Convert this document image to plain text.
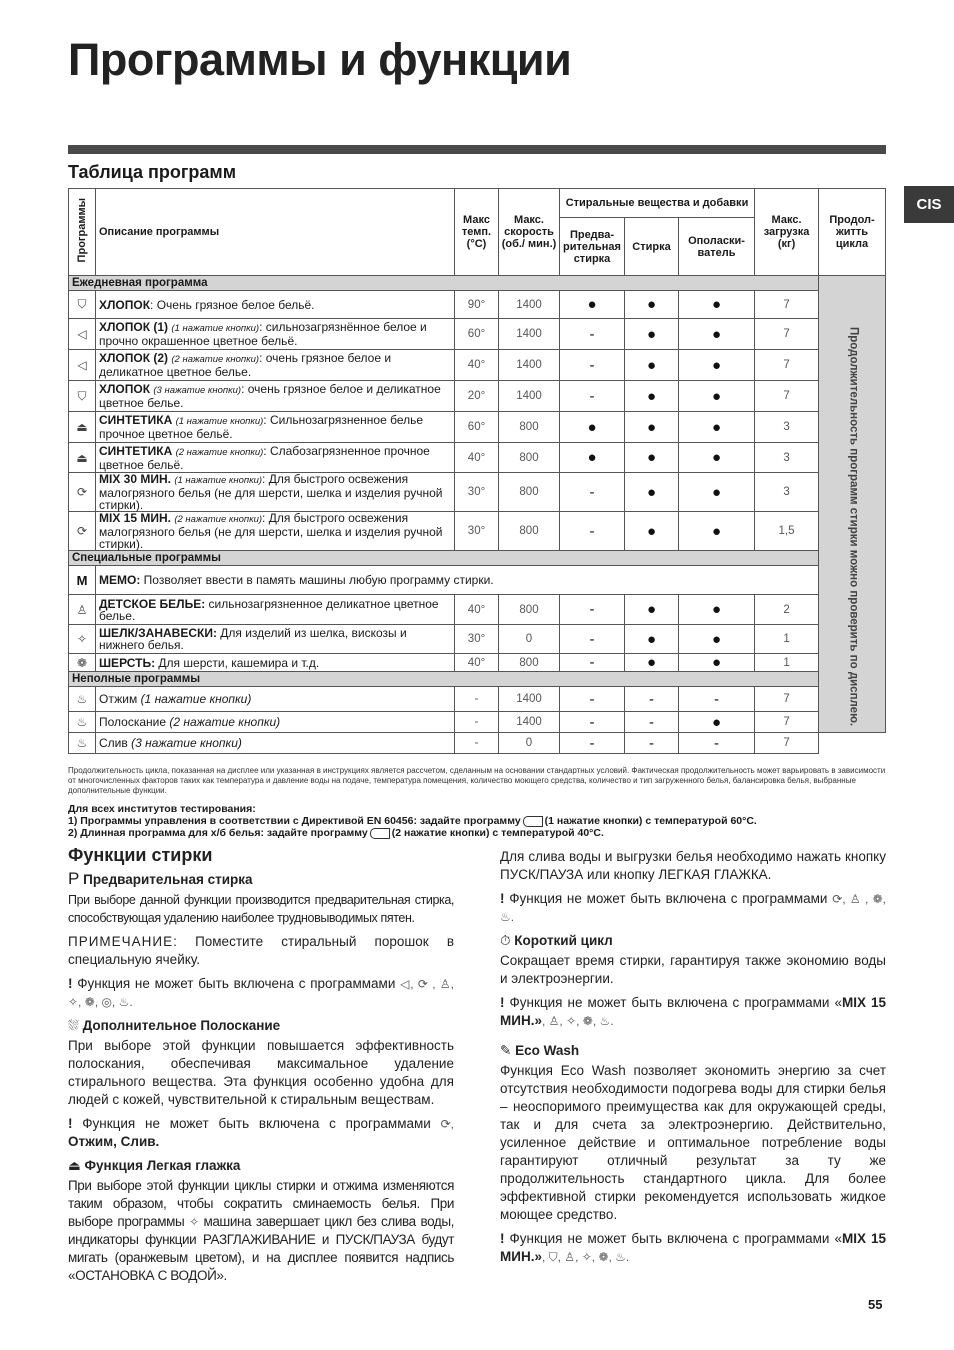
Программы и функции
CIS
Таблица программ
Программы	Описание программы	Макс темп. (°C)	Макс. скорость (об./ мин.)	Стиральные вещества и добавки			Макс. загрузка (кг)	Продол-житть цикла
				Предва-рительная стирка	Стирка	Ополаски-ватель		
Ежедневная программа								Продолжительность программ стирки можно проверить по дисплею.
⛉	ХЛОПОК: Очень грязное белое бельё.	90°	1400	●	●	●	7	
◁	ХЛОПОК (1) (1 нажатие кнопки): сильнозагрязнённое белое и прочно окрашенное цветное бельё.	60°	1400	-	●	●	7	
◁	ХЛОПОК (2) (2 нажатие кнопки): очень грязное белое и деликатное цветное белье.	40°	1400	-	●	●	7	
⛉	ХЛОПОК (3 нажатие кнопки): очень грязное белое и деликатное цветное белье.	20°	1400	-	●	●	7	
⏏	СИНТЕТИКА (1 нажатие кнопки): Сильнозагрязненное белье прочное цветное бельё.	60°	800	●	●	●	3	
⏏	СИНТЕТИКА (2 нажатие кнопки): Слабозагрязненное прочное цветное бельё.	40°	800	●	●	●	3	
⟳	MIX 30 МИН. (1 нажатие кнопки): Для быстрого освежения малогрязного белья (не для шерсти, шелка и изделия ручной стирки).	30°	800	-	●	●	3	
⟳	MIX 15 МИН. (2 нажатие кнопки): Для быстрого освежения малогрязного белья (не для шерсти, шелка и изделия ручной стирки).	30°	800	-	●	●	1,5	
Специальные программы								
M	МЕМО: Позволяет ввести в память машины любую программу стирки.							
♙	ДЕТСКОЕ БЕЛЬЕ: сильнозагрязненное деликатное цветное белье.	40°	800	-	●	●	2	
✧	ШЕЛК/ЗАНАВЕСКИ: Для изделий из шелка, вискозы и нижнего белья.	30°	0	-	●	●	1	
❁	ШЕРСТЬ: Для шерсти, кашемира и т.д.	40°	800	-	●	●	1	
Неполные программы								
♨	Отжим (1 нажатие кнопки)	-	1400	-	-	-	7	
♨	Полоскание (2 нажатие кнопки)	-	1400	-	-	●	7	
♨	Слив (3 нажатие кнопки)	-	0	-	-	-	7	
Продолжительность цикла, показанная на дисплее или указанная в инструкциях является рассчетом, сделанным на основании стандартных условий. Фактическая продолжительность может варьировать в зависимости от многочисленных факторов таких как температура и давление воды на подаче, температура помещения, количество моющего средства, количество и тип загруженного белья, балансировка белья, выбранные дополнительные функции.
Для всех институтов тестирования:
1) Программы управления в соответствии с Директивой EN 60456: задайте программу (1 нажатие кнопки) с температурой 60°С.
2) Длинная программа для х/б белья: задайте программу (2 нажатие кнопки) с температурой 40°С.
Функции стирки
P Предварительная стирка

При выборе данной функции производится предварительная стирка, способствующая удалению наиболее трудновыводимых пятен.

ПРИМЕЧАНИЕ: Поместите стиральный порошок в специальную ячейку.

! Функция не может быть включена с программами ◁, ⟳ , ♙, ✧, ❁, ◎, ♨.

⛆ Дополнительное Полоскание

При выборе этой функции повышается эффективность полоскания, обеспечивая максимальное удаление стирального вещества. Эта функция особенно удобна для людей с кожей, чувствительной к стиральным веществам.

! Функция не может быть включена с программами ⟳, Отжим, Слив.

⏏ Функция Легкая глажка

При выборе этой функции циклы стирки и отжима изменяются таким образом, чтобы сократить сминаемость белья. При выборе программы ✧ машина завершает цикл без слива воды, индикаторы функции РАЗГЛАЖИВАНИЕ и ПУСК/ПАУЗА будут мигать (оранжевым цветом), и на дисплее появится надпись «ОСТАНОВКА С ВОДОЙ».

Для слива воды и выгрузки белья необходимо нажать кнопку ПУСК/ПАУЗА или кнопку ЛЕГКАЯ ГЛАЖКА.

! Функция не может быть включена с программами ⟳, ♙ , ❁, ♨.

⏱ Короткий цикл

Сокращает время стирки, гарантируя также экономию воды и электроэнергии.

! Функция не может быть включена с программами «MIX 15 МИН.», ♙, ✧, ❁, ♨.

✎ Eco Wash

Функция Eco Wash позволяет экономить энергию за счет отсутствия необходимости подогрева воды для стирки белья – неоспоримого преимущества как для окружающей среды, так и для счета за электроэнергию. Действительно, усиленное действие и оптимальное потребление воды гарантируют отличный результат за ту же продолжительность стандартного цикла. Для более эффективной стирки рекомендуется использовать жидкое моющее средство.

! Функция не может быть включена с программами «MIX 15 МИН.», ⛉, ♙, ✧, ❁, ♨.

55
